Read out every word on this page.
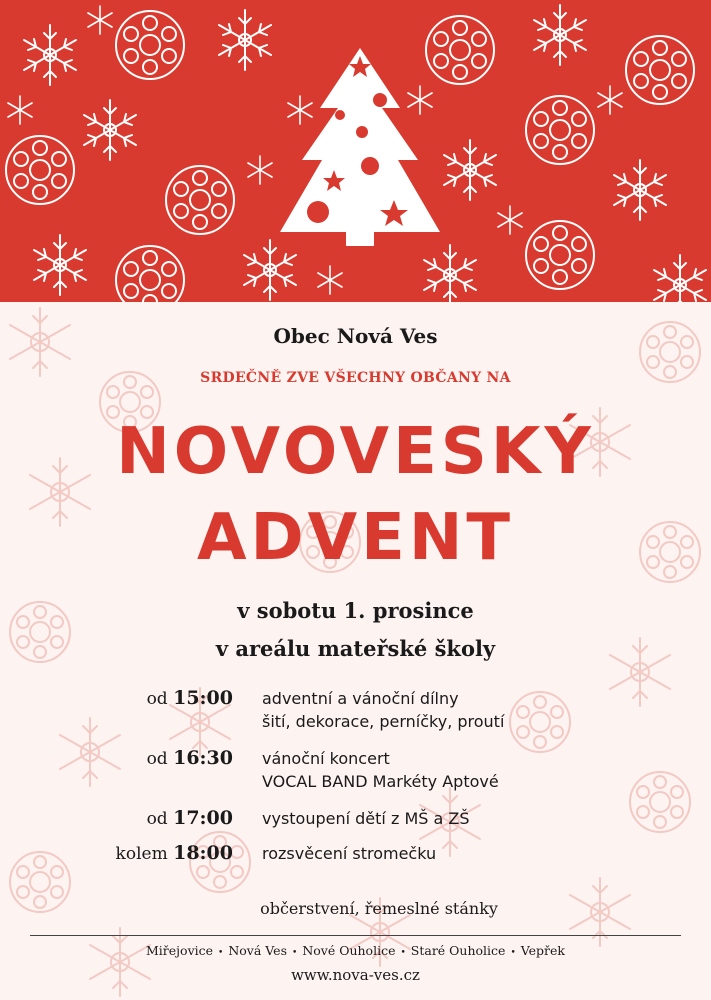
Obec Nová Ves
SRDEČNĚ ZVE VŠECHNY OBČANY NA
NOVOVESKÝ
ADVENT
v sobotu 1. prosince
v areálu mateřské školy
od 15:00 adventní a vánoční dílny
šití, dekorace, perníčky, proutí
od 16:30 vánoční koncert
VOCAL BAND Markéty Aptové
od 17:00 vystoupení dětí z MŠ a ZŠ
kolem 18:00 rozsvěcení stromečku
občerstvení, řemeslné stánky
Miřejovice • Nová Ves • Nové Ouholice • Staré Ouholice • Vepřek
www.nova-ves.cz
